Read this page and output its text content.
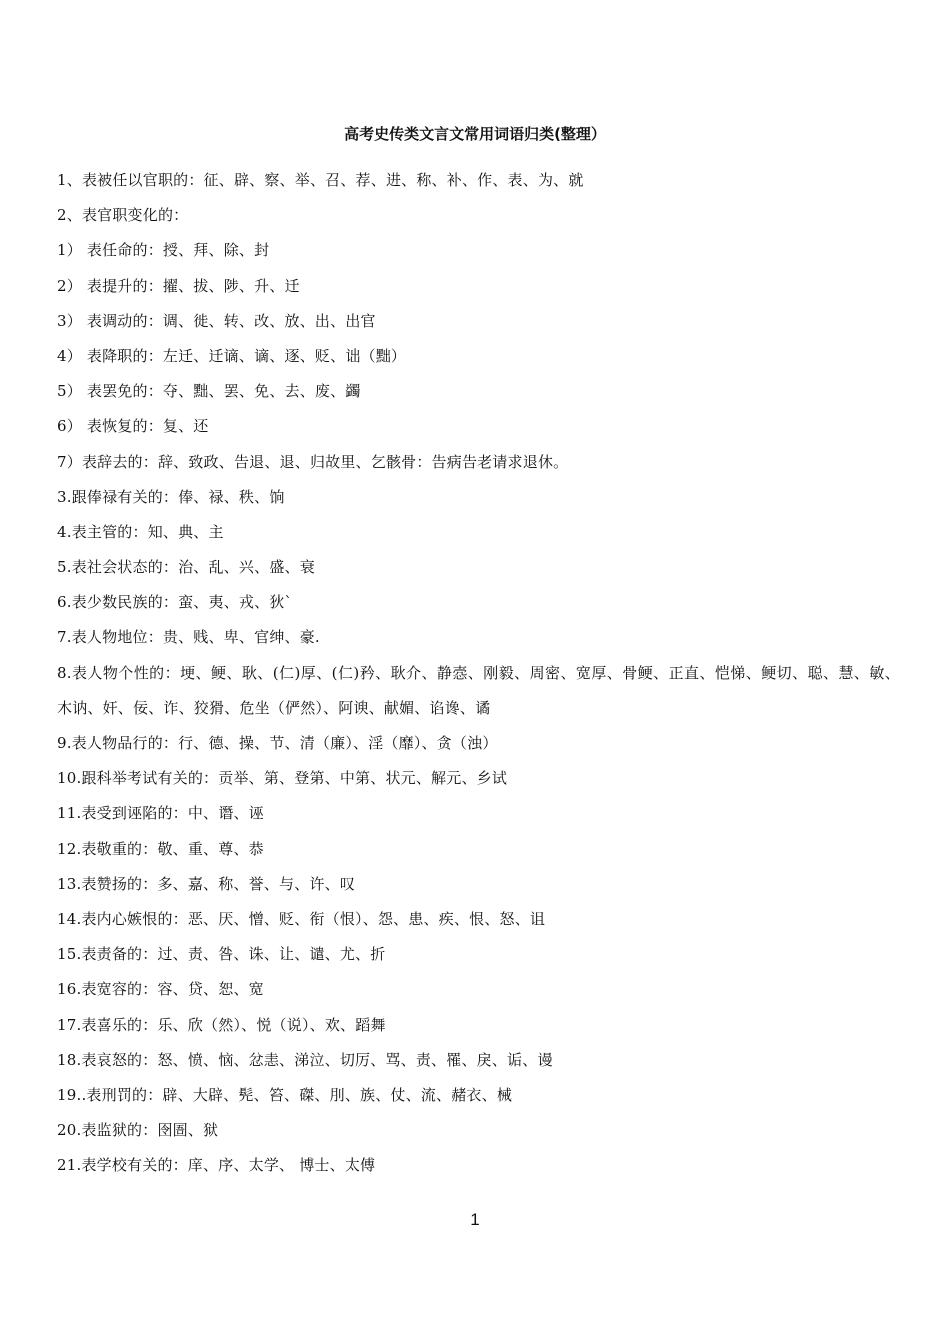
高考史传类文言文常用词语归类(整理）
1、表被任以官职的：征、辟、察、举、召、荐、进、称、补、作、表、为、就
2、表官职变化的：
1） 表任命的：授、拜、除、封
2） 表提升的：擢、拔、陟、升、迁
3） 表调动的：调、徙、转、改、放、出、出官
4） 表降职的：左迁、迁谪、谪、逐、贬、诎（黜）
5） 表罢免的：夺、黜、罢、免、去、废、蠲
6） 表恢复的：复、还
7）表辞去的：辞、致政、告退、退、归故里、乞骸骨：告病告老请求退休。
3.跟俸禄有关的：俸、禄、秩、饷
4.表主管的：知、典、主
5.表社会状态的：治、乱、兴、盛、衰
6.表少数民族的：蛮、夷、戎、狄`
7.表人物地位：贵、贱、卑、官绅、豪.
8.表人物个性的：埂、鲠、耿、(仁)厚、(仁)矜、耿介、静悫、刚毅、周密、宽厚、骨鲠、正直、恺悌、鲠切、聪、慧、敏、木讷、奸、佞、诈、狡猾、危坐（俨然）、阿谀、献媚、谄谗、谲
9.表人物品行的：行、德、操、节、清（廉）、淫（靡）、贪（浊）
10.跟科举考试有关的：贡举、第、登第、中第、状元、解元、乡试
11.表受到诬陷的：中、谮、诬
12.表敬重的：敬、重、尊、恭
13.表赞扬的：多、嘉、称、誉、与、许、叹
14.表内心嫉恨的：恶、厌、憎、贬、衔（恨）、怨、患、疾、恨、怒、诅
15.表责备的：过、责、咎、诛、让、谴、尤、折
16.表宽容的：容、贷、恕、宽
17.表喜乐的：乐、欣（然）、悦（说）、欢、蹈舞
18.表哀怒的：怒、愤、恼、忿恚、涕泣、切厉、骂、责、罹、戾、诟、谩
19..表刑罚的：辟、大辟、髡、笞、磔、刖、族、仗、流、赭衣、械
20.表监狱的：囹圄、狱
21.表学校有关的：庠、序、太学、 博士、太傅
1
